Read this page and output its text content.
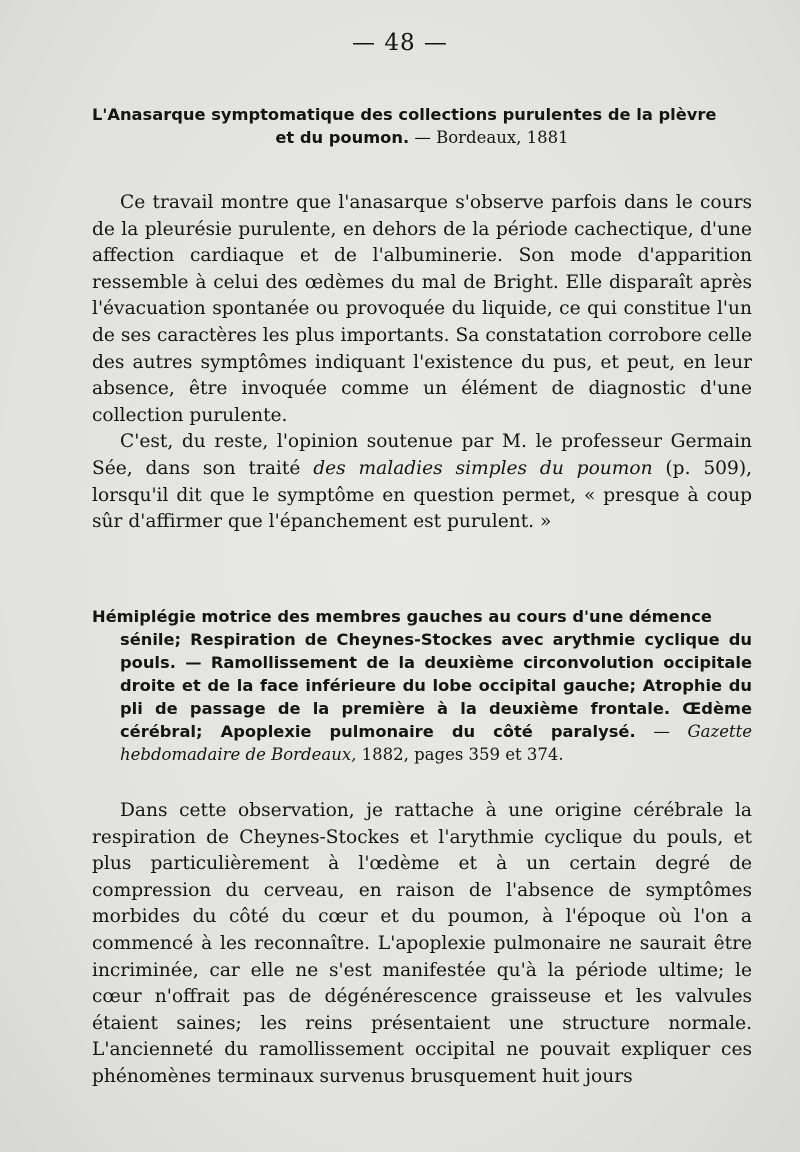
— 48 —
L'Anasarque symptomatique des collections purulentes de la plèvre
et du poumon. — Bordeaux, 1881

Ce travail montre que l'anasarque s'observe parfois dans le cours de la pleurésie purulente, en dehors de la période cachectique, d'une affection cardiaque et de l'albuminerie. Son mode d'apparition ressemble à celui des œdèmes du mal de Bright. Elle disparaît après l'évacuation spontanée ou provoquée du liquide, ce qui constitue l'un de ses caractères les plus importants. Sa constatation corrobore celle des autres symptômes indiquant l'existence du pus, et peut, en leur absence, être invoquée comme un élément de diagnostic d'une collection purulente.

C'est, du reste, l'opinion soutenue par M. le professeur Germain Sée, dans son traité des maladies simples du poumon (p. 509), lorsqu'il dit que le symptôme en question permet, « presque à coup sûr d'affirmer que l'épanchement est purulent. »

Hémiplégie motrice des membres gauches au cours d'une démence
sénile; Respiration de Cheynes-Stockes avec arythmie cyclique du pouls. — Ramollissement de la deuxième circonvolution occipitale droite et de la face inférieure du lobe occipital gauche; Atrophie du pli de passage de la première à la deuxième frontale. Œdème cérébral; Apoplexie pulmonaire du côté paralysé. — Gazette hebdomadaire de Bordeaux, 1882, pages 359 et 374.

Dans cette observation, je rattache à une origine cérébrale la respiration de Cheynes-Stockes et l'arythmie cyclique du pouls, et plus particulièrement à l'œdème et à un certain degré de compression du cerveau, en raison de l'absence de symptômes morbides du côté du cœur et du poumon, à l'époque où l'on a commencé à les reconnaître. L'apoplexie pulmonaire ne saurait être incriminée, car elle ne s'est manifestée qu'à la période ultime; le cœur n'offrait pas de dégénérescence graisseuse et les valvules étaient saines; les reins présentaient une structure normale. L'ancienneté du ramollissement occipital ne pouvait expliquer ces phénomènes terminaux survenus brusquement huit jours
